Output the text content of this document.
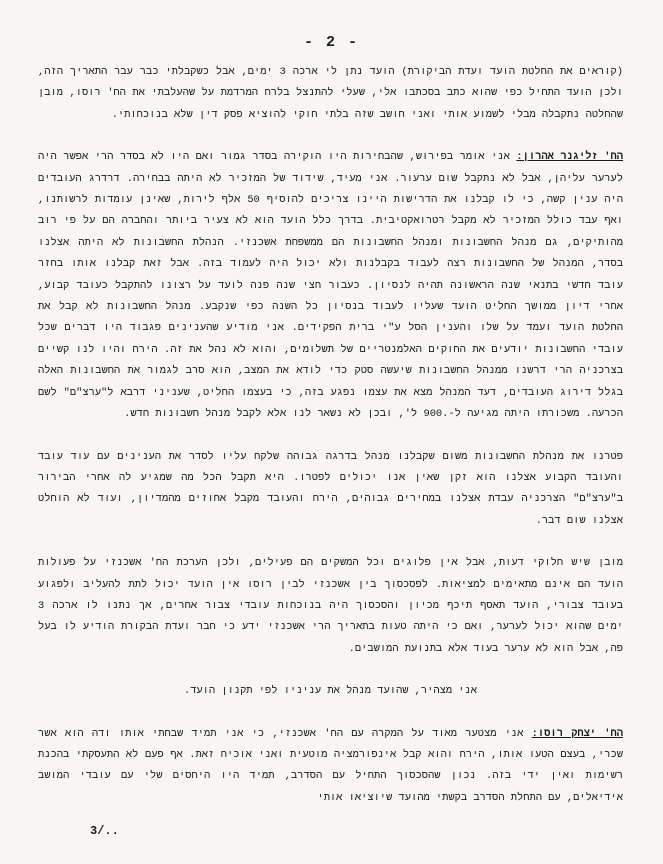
- 2 -

(קוראים את החלטת הועד ועדת הביקורת) הועד נתן לי ארכה 3 ימים, אבל כשקבלתי כבר עבר התאריך הזה, ולכן הועד התחיל כפי שהוא כתב בסכתבו אלי, שעלי להתנצל בלרח המרדמת על שהעלבתי את הח' רוסו, מובן שהחלטה נתקבלה מבלי לשמוע אותי ואני חושב שזה בלתי חוקי להוציא פסק דין שלא בנוכחותי.

הח' זליגנר אהרון: אני אומר בפירוש, שהבחירות היו הוקירה בסדר גמור ואם היו לא בסדר הרי אפשר היה לערער עליהן, אבל לא נתקבל שום ערעור. אני מעיד, שידוד של המזכיר לא היתה בבחירה. דרדרג העובדים היה ענין קשה, כי לו קבלנו את הדרישות היינו צריכים להוסיף 50 אלף לירות, שאינן עומדות לרשותנו, ואף עבד כולל המזכיר לא מקבל רטרואקטיבית. בדרך כלל הועד הוא לא צעיר ביותר והחברה הם על פי רוב מהותיקים, גם מנהל החשבונות ומנהל החשבונות הם ממשפחת אשכנזי. הנהלת החשבונות לא היתה אצלנו בסדר, המנהל של החשבונות רצה לעבוד בקבלנות ולא יכול היה לעמוד בזה. אבל זאת קבלנו אותו בחזר עובד חדשי בתנאי שנה הראשונה תהיה לנסיון. כעבור חצי שנה פנה לועד על רצונו להתקבל כעובד קבוע, אחרי דיון ממושך החליט הועד שעליו לעבוד בנסיון כל השנה כפי שנקבע. מנהל החשבונות לא קבל את החלטת הועד ועמד על שלו והענין הסל ע"י ברית הפקידים. אני מודיע שהענינים פגבוד היו דברים שכל עובדי החשבונות יודעים את החוקים האלמנטריים של תשלומים, והוא לא נהל את זה. הירח והיו לנו קשיים בצרכניה הרי דרשנו ממנהל החשבונות שיעשה סטק כדי לודא את המצב, הוא סרב לגמור את החשבונות האלה בגלל דירוג העובדים, דעד המנהל מצא את עצמו נפגע בזה, כי בעצמו החליט, שעניני דרבא ל"ערצ"ם" לשם הכרעה. משכורתו היתה מגיעה ל-.900 ל', ובכן לא נשאר לנו אלא לקבל מנהל חשבונות חדש.

פטרנו את מנהלת החשבונות משום שקבלנו מנהל בדרגה גבוהה שלקח עליו לסדר את הענינים עם עוד עובד והעובד הקבוע אצלנו הוא זקן שאין אנו יכולים לפטרו. היא תקבל הכל מה שמגיע לה אחרי הבירור ב"ערצ"ם" הצרכניה עבדת אצלנו במחירים גבוהים, הירח והעובד מקבל אחוזים מהמדיון, ועוד לא הוחלט אצלנו שום דבר.

מובן שיש חלוקי דעות, אבל אין פלוגים וכל המשקים הם פעילים, ולכן הערכת הח' אשכנזי על פעולות הועד הם אינם מתאימים למציאות. לפסכסוך בין אשכנזי לבין רוסו אין הועד יכול לתת להעליב ולפגוע בעובד צבורי, הועד תאסף תיכף מכיון והסכסוך היה בנוכחות עובדי צבור אחרים, אך נתנו לו ארכה 3 ימים שהוא יכול לערער, ואם כי היתה טעות בתאריך הרי אשכנזי ידע כי חבר ועדת הבקורת הודיע לו בעל פה, אבל הוא לא ערער בעוד אלא בתנועת המושבים.

אני מצהיר, שהועד מנהל את עניניו לפי תקנון הועד.

הח' יצחק רוסו: אני מצטער מאוד על המקרה עם הח' אשכנזי, כי אני תמיד שבחתי אותו ודה הוא אשר שכרי, בעצם הטעו אותו, הירח והוא קבל אינפורמציה מוטעית ואני אוכיח זאת. אף פעם לא התעסקתי בהכנת רשימות ואין ידי בזה. נכון שהסכסוך התחיל עם הסדרב, תמיד היו היחסים שלי עם עובדי המושב אידיאלים, עם התחלת הסדרב בקשתי מהועד שיוציאו אותי

3/..
